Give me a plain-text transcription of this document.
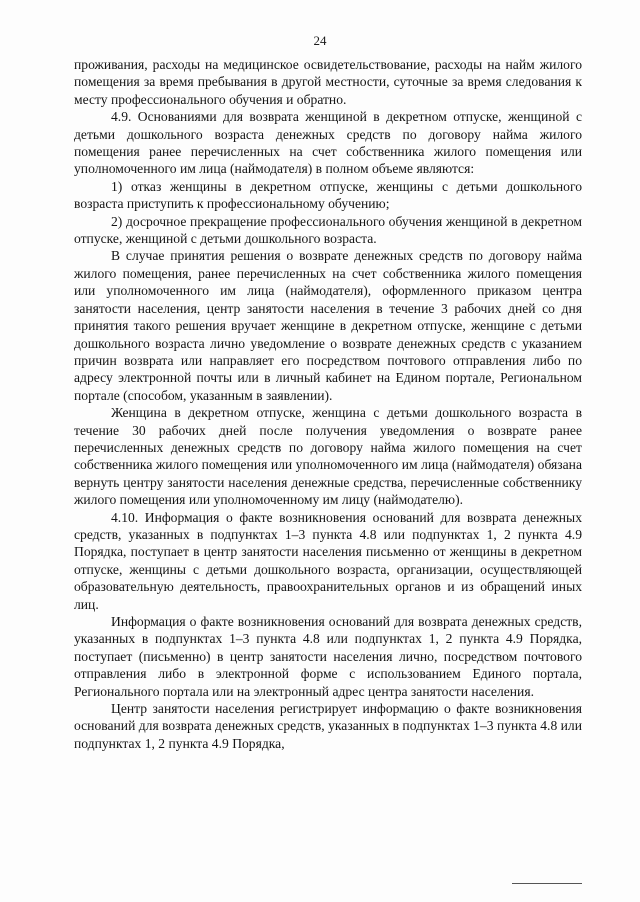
24

проживания, расходы на медицинское освидетельствование, расходы на найм жилого помещения за время пребывания в другой местности, суточные за время следования к месту профессионального обучения и обратно.

4.9. Основаниями для возврата женщиной в декретном отпуске, женщиной с детьми дошкольного возраста денежных средств по договору найма жилого помещения ранее перечисленных на счет собственника жилого помещения или уполномоченного им лица (наймодателя) в полном объеме являются:

1) отказ женщины в декретном отпуске, женщины с детьми дошкольного возраста приступить к профессиональному обучению;

2) досрочное прекращение профессионального обучения женщиной в декретном отпуске, женщиной с детьми дошкольного возраста.

В случае принятия решения о возврате денежных средств по договору найма жилого помещения, ранее перечисленных на счет собственника жилого помещения или уполномоченного им лица (наймодателя), оформленного приказом центра занятости населения, центр занятости населения в течение 3 рабочих дней со дня принятия такого решения вручает женщине в декретном отпуске, женщине с детьми дошкольного возраста лично уведомление о возврате денежных средств с указанием причин возврата или направляет его посредством почтового отправления либо по адресу электронной почты или в личный кабинет на Едином портале, Региональном портале (способом, указанным в заявлении).

Женщина в декретном отпуске, женщина с детьми дошкольного возраста в течение 30 рабочих дней после получения уведомления о возврате ранее перечисленных денежных средств по договору найма жилого помещения на счет собственника жилого помещения или уполномоченного им лица (наймодателя) обязана вернуть центру занятости населения денежные средства, перечисленные собственнику жилого помещения или уполномоченному им лицу (наймодателю).

4.10. Информация о факте возникновения оснований для возврата денежных средств, указанных в подпунктах 1–3 пункта 4.8 или подпунктах 1, 2 пункта 4.9 Порядка, поступает в центр занятости населения письменно от женщины в декретном отпуске, женщины с детьми дошкольного возраста, организации, осуществляющей образовательную деятельность, правоохранительных органов и из обращений иных лиц.

Информация о факте возникновения оснований для возврата денежных средств, указанных в подпунктах 1–3 пункта 4.8 или подпунктах 1, 2 пункта 4.9 Порядка, поступает (письменно) в центр занятости населения лично, посредством почтового отправления либо в электронной форме с использованием Единого портала, Регионального портала или на электронный адрес центра занятости населения.

Центр занятости населения регистрирует информацию о факте возникновения оснований для возврата денежных средств, указанных в подпунктах 1–3 пункта 4.8 или подпунктах 1, 2 пункта 4.9 Порядка,
